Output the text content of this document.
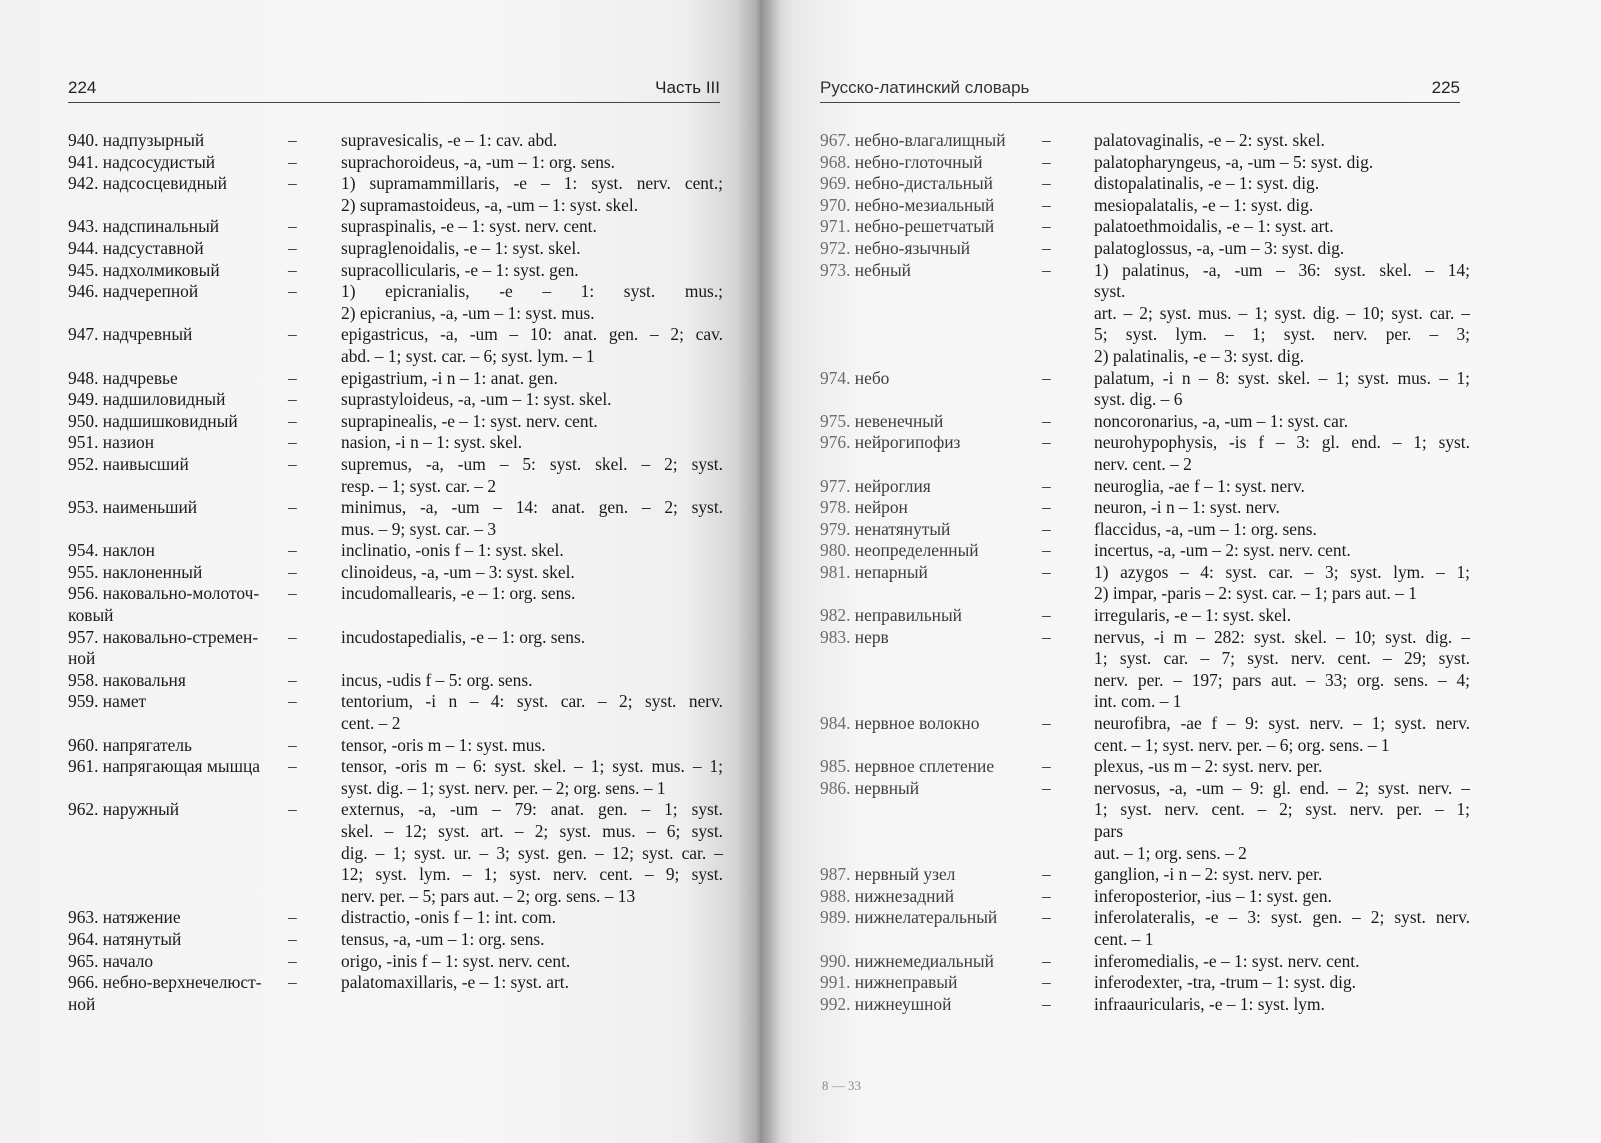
224	Часть III
940. надпузырный	–	supravesicalis, -e – 1: cav. abd.
941. надсосудистый	–	suprachoroideus, -a, -um – 1: org. sens.
942. надсосцевидный	–	1) supramammillaris, -e – 1: syst. nerv. cent.;
2) supramastoideus, -a, -um – 1: syst. skel.
943. надспинальный	–	supraspinalis, -e – 1: syst. nerv. cent.
944. надсуставной	–	supraglenoidalis, -e – 1: syst. skel.
945. надхолмиковый	–	supracollicularis, -e – 1: syst. gen.
946. надчерепной	–	1) epicranialis, -e – 1: syst. mus.;
2) epicranius, -a, -um – 1: syst. mus.
947. надчревный	–	epigastricus, -a, -um – 10: anat. gen. – 2; cav.
abd. – 1; syst. car. – 6; syst. lym. – 1
948. надчревье	–	epigastrium, -i n – 1: anat. gen.
949. надшиловидный	–	suprastyloideus, -a, -um – 1: syst. skel.
950. надшишковидный	–	suprapinealis, -e – 1: syst. nerv. cent.
951. назион	–	nasion, -i n – 1: syst. skel.
952. наивысший	–	supremus, -a, -um – 5: syst. skel. – 2; syst.
resp. – 1; syst. car. – 2
953. наименьший	–	minimus, -a, -um – 14: anat. gen. – 2; syst.
mus. – 9; syst. car. – 3
954. наклон	–	inclinatio, -onis f – 1: syst. skel.
955. наклоненный	–	clinoideus, -a, -um – 3: syst. skel.
956. наковально-молоточ-
ковый
–	incudomallearis, -e – 1: org. sens.
957. наковально-стремен-
ной
–	incudostapedialis, -e – 1: org. sens.
958. наковальня	–	incus, -udis f – 5: org. sens.
959. намет	–	tentorium, -i n – 4: syst. car. – 2; syst. nerv.
cent. – 2
960. напрягатель	–	tensor, -oris m – 1: syst. mus.
961. напрягающая мышца	–	tensor, -oris m – 6: syst. skel. – 1; syst. mus. – 1;
syst. dig. – 1; syst. nerv. per. – 2; org. sens. – 1
962. наружный	–	externus, -a, -um – 79: anat. gen. – 1; syst.
skel. – 12; syst. art. – 2; syst. mus. – 6; syst.
dig. – 1; syst. ur. – 3; syst. gen. – 12; syst. car. –
12; syst. lym. – 1; syst. nerv. cent. – 9; syst.
nerv. per. – 5; pars aut. – 2; org. sens. – 13
963. натяжение	–	distractio, -onis f – 1: int. com.
964. натянутый	–	tensus, -a, -um – 1: org. sens.
965. начало	–	origo, -inis f – 1: syst. nerv. cent.
966. небно-верхнечелюст-
ной
–	palatomaxillaris, -e – 1: syst. art.
Русско-латинский словарь	225
967. небно-влагалищный	–	palatovaginalis, -e – 2: syst. skel.
968. небно-глоточный	–	palatopharyngeus, -a, -um – 5: syst. dig.
969. небно-дистальный	–	distopalatinalis, -e – 1: syst. dig.
970. небно-мезиальный	–	mesiopalatalis, -e – 1: syst. dig.
971. небно-решетчатый	–	palatoethmoidalis, -e – 1: syst. art.
972. небно-язычный	–	palatoglossus, -a, -um – 3: syst. dig.
973. небный	–	1) palatinus, -a, -um – 36: syst. skel. – 14;
syst.
art. – 2; syst. mus. – 1; syst. dig. – 10; syst. car. –
5; syst. lym. – 1; syst. nerv. per. – 3;
2) palatinalis, -e – 3: syst. dig.
974. небо	–	palatum, -i n – 8: syst. skel. – 1; syst. mus. – 1;
syst. dig. – 6
975. невенечный	–	noncoronarius, -a, -um – 1: syst. car.
976. нейрогипофиз	–	neurohypophysis, -is f – 3: gl. end. – 1; syst.
nerv. cent. – 2
977. нейроглия	–	neuroglia, -ae f – 1: syst. nerv.
978. нейрон	–	neuron, -i n – 1: syst. nerv.
979. ненатянутый	–	flaccidus, -a, -um – 1: org. sens.
980. неопределенный	–	incertus, -a, -um – 2: syst. nerv. cent.
981. непарный	–	1) azygos – 4: syst. car. – 3; syst. lym. – 1;
2) impar, -paris – 2: syst. car. – 1; pars aut. – 1
982. неправильный	–	irregularis, -e – 1: syst. skel.
983. нерв	–	nervus, -i m – 282: syst. skel. – 10; syst. dig. –
1; syst. car. – 7; syst. nerv. cent. – 29; syst.
nerv. per. – 197; pars aut. – 33; org. sens. – 4;
int. com. – 1
984. нервное волокно	–	neurofibra, -ae f – 9: syst. nerv. – 1; syst. nerv.
cent. – 1; syst. nerv. per. – 6; org. sens. – 1
985. нервное сплетение	–	plexus, -us m – 2: syst. nerv. per.
986. нервный	–	nervosus, -a, -um – 9: gl. end. – 2; syst. nerv. –
1; syst. nerv. cent. – 2; syst. nerv. per. – 1;
pars
aut. – 1; org. sens. – 2
987. нервный узел	–	ganglion, -i n – 2: syst. nerv. per.
988. нижнезадний	–	inferoposterior, -ius – 1: syst. gen.
989. нижнелатеральный	–	inferolateralis, -e – 3: syst. gen. – 2; syst. nerv.
cent. – 1
990. нижнемедиальный	–	inferomedialis, -e – 1: syst. nerv. cent.
991. нижнеправый	–	inferodexter, -tra, -trum – 1: syst. dig.
992. нижнеушной	–	infraauricularis, -e – 1: syst. lym.
8 — 33
